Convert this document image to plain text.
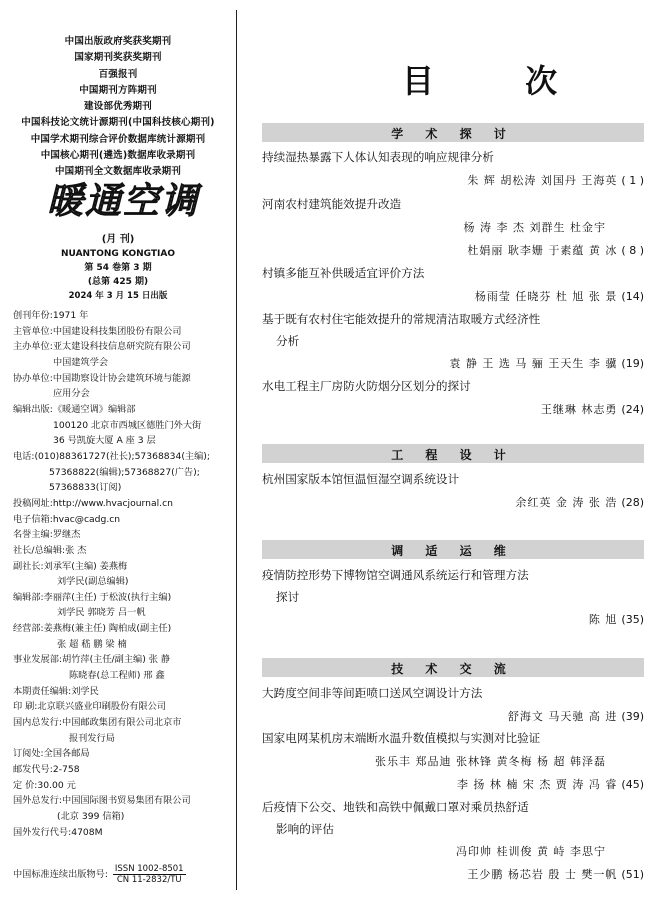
中国出版政府奖获奖期刊
国家期刊奖获奖期刊
百强报刊
中国期刊方阵期刊
建设部优秀期刊
中国科技论文统计源期刊(中国科技核心期刊)
中国学术期刊综合评价数据库统计源期刊
中国核心期刊(遴选)数据库收录期刊
中国期刊全文数据库收录期刊
暖通空调
(月 刊)
NUANTONG KONGTIAO
第 54 卷第 3 期
(总第 425 期)
2024 年 3 月 15 日出版
创刊年份:1971 年
主管单位:中国建设科技集团股份有限公司
主办单位:亚太建设科技信息研究院有限公司
中国建筑学会
协办单位:中国勘察设计协会建筑环境与能源
应用分会
编辑出版:《暖通空调》编辑部
100120 北京市西城区德胜门外大街
36 号凯旋大厦 A 座 3 层
电话:(010)88361727(社长);57368834(主编);
57368822(编辑);57368827(广告);
57368833(订阅)
投稿网址:http://www.hvacjournal.cn
电子信箱:hvac@cadg.cn
名誉主编:罗继杰
社长/总编辑:张 杰
副社长:刘承军(主编) 姜燕梅
刘学民(副总编辑)
编辑部:李丽萍(主任) 于松波(执行主编)
刘学民 郭晓芳 吕一帆
经营部:姜燕梅(兼主任) 陶柏成(副主任)
张 超 嵇 鹏 梁 楠
事业发展部:胡竹萍(主任/副主编) 张 静
陈晓春(总工程师) 邢 鑫
本期责任编辑:刘学民
印 刷:北京联兴盛业印刷股份有限公司
国内总发行:中国邮政集团有限公司北京市
报刊发行局
订阅处:全国各邮局
邮发代号:2-758
定 价:30.00 元
国外总发行:中国国际图书贸易集团有限公司
(北京 399 信箱)
国外发行代号:4708M
中国标准连续出版物号: ISSN 1002-8501
CN 11-2832/TU
目 次
学 术 探 讨
持续湿热暴露下人体认知表现的响应规律分析
朱 辉 胡松涛 刘国丹 王海英 ( 1 )
河南农村建筑能效提升改造
杨 涛 李 杰 刘群生 杜金宇
杜娟丽 耿李姗 于素蕴 黄 冰 ( 8 )
村镇多能互补供暖适宜评价方法
杨雨莹 任晓芬 杜 旭 张 景 (14)
基于既有农村住宅能效提升的常规清洁取暖方式经济性
分析
袁 静 王 选 马 骊 王天生 李 骥 (19)
水电工程主厂房防火防烟分区划分的探讨
王继琳 林志勇 (24)
工 程 设 计
杭州国家版本馆恒温恒湿空调系统设计
余红英 金 涛 张 浩 (28)
调 适 运 维
疫情防控形势下博物馆空调通风系统运行和管理方法
探讨
陈 旭 (35)
技 术 交 流
大跨度空间非等间距喷口送风空调设计方法
舒海文 马天驰 高 进 (39)
国家电网某机房末端断水温升数值模拟与实测对比验证
张乐丰 郑品迪 张林锋 黄冬梅 杨 超 韩泽磊
李 扬 林 楠 宋 杰 贾 涛 冯 睿 (45)
后疫情下公交、地铁和高铁中佩戴口罩对乘员热舒适
影响的评估
冯印帅 桂训俊 黄 峙 李思宁
王少鹏 杨芯岩 殷 士 樊一帆 (51)
